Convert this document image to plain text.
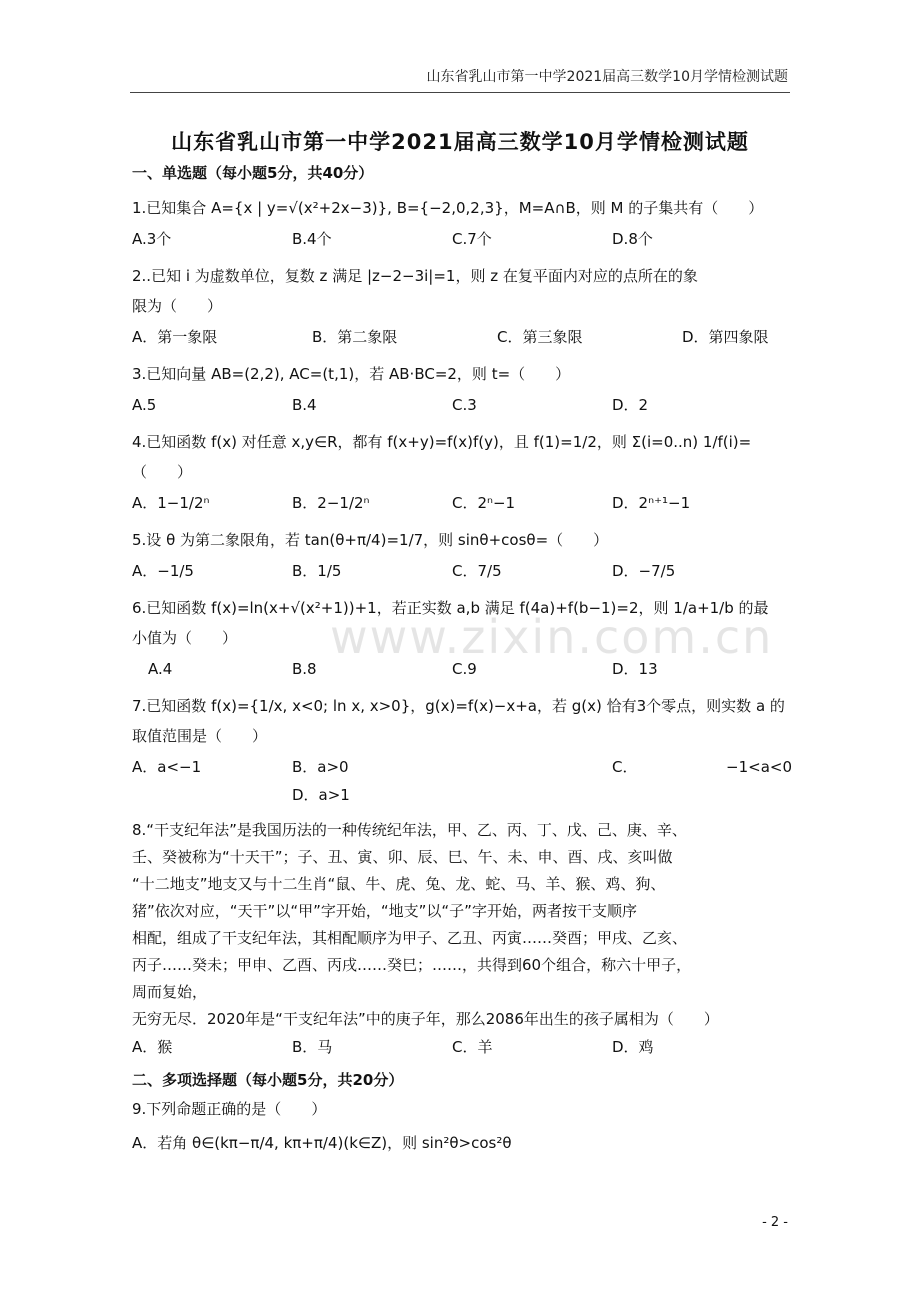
山东省乳山市第一中学2021届高三数学10月学情检测试题
山东省乳山市第一中学2021届高三数学10月学情检测试题
www.zixin.com.cn
一、单选题（每小题5分，共40分）

1.已知集合 A={x | y=√(x²+2x−3)}, B={−2,0,2,3}，M=A∩B，则 M 的子集共有（　　）

A.3个	B.4个	C.7个	D.8个

2..已知 i 为虚数单位，复数 z 满足 |z−2−3i|=1，则 z 在复平面内对应的点所在的象

限为（　　）

A．第一象限	B．第二象限	C．第三象限	D．第四象限

3.已知向量 AB=(2,2), AC=(t,1)，若 AB·BC=2，则 t=（　　）

A.5	B.4	C.3	D．2

4.已知函数 f(x) 对任意 x,y∈R，都有 f(x+y)=f(x)f(y)，且 f(1)=1/2，则 Σ(i=0..n) 1/f(i)=（　　）

A．1−1/2ⁿ	B．2−1/2ⁿ	C．2ⁿ−1	D．2ⁿ⁺¹−1

5.设 θ 为第二象限角，若 tan(θ+π/4)=1/7，则 sinθ+cosθ=（　　）

A．−1/5	B．1/5	C．7/5	D．−7/5

6.已知函数 f(x)=ln(x+√(x²+1))+1，若正实数 a,b 满足 f(4a)+f(b−1)=2，则 1/a+1/b 的最

小值为（　　）

A.4	B.8	C.9	D．13

7.已知函数 f(x)={1/x, x<0; ln x, x>0}，g(x)=f(x)−x+a，若 g(x) 恰有3个零点，则实数 a 的

取值范围是（　　）

A．a<−1	B．a>0	C．	−1<a<0
D．a>1

8.“干支纪年法”是我国历法的一种传统纪年法，甲、乙、丙、丁、戊、己、庚、辛、

壬、癸被称为“十天干”；子、丑、寅、卯、辰、巳、午、未、申、酉、戌、亥叫做

“十二地支”地支又与十二生肖“鼠、牛、虎、兔、龙、蛇、马、羊、猴、鸡、狗、

猪”依次对应，“天干”以“甲”字开始，“地支”以“子”字开始，两者按干支顺序

相配，组成了干支纪年法，其相配顺序为甲子、乙丑、丙寅……癸酉；甲戌、乙亥、

丙子……癸未；甲申、乙酉、丙戌……癸巳；……，共得到60个组合，称六十甲子，

周而复始，

无穷无尽．2020年是“干支纪年法”中的庚子年，那么2086年出生的孩子属相为（　　）

A．猴	B．马	C．羊	D．鸡
二、多项选择题（每小题5分，共20分）

9.下列命题正确的是（　　）

A．若角 θ∈(kπ−π/4, kπ+π/4)(k∈Z)，则 sin²θ>cos²θ

- 2 -
